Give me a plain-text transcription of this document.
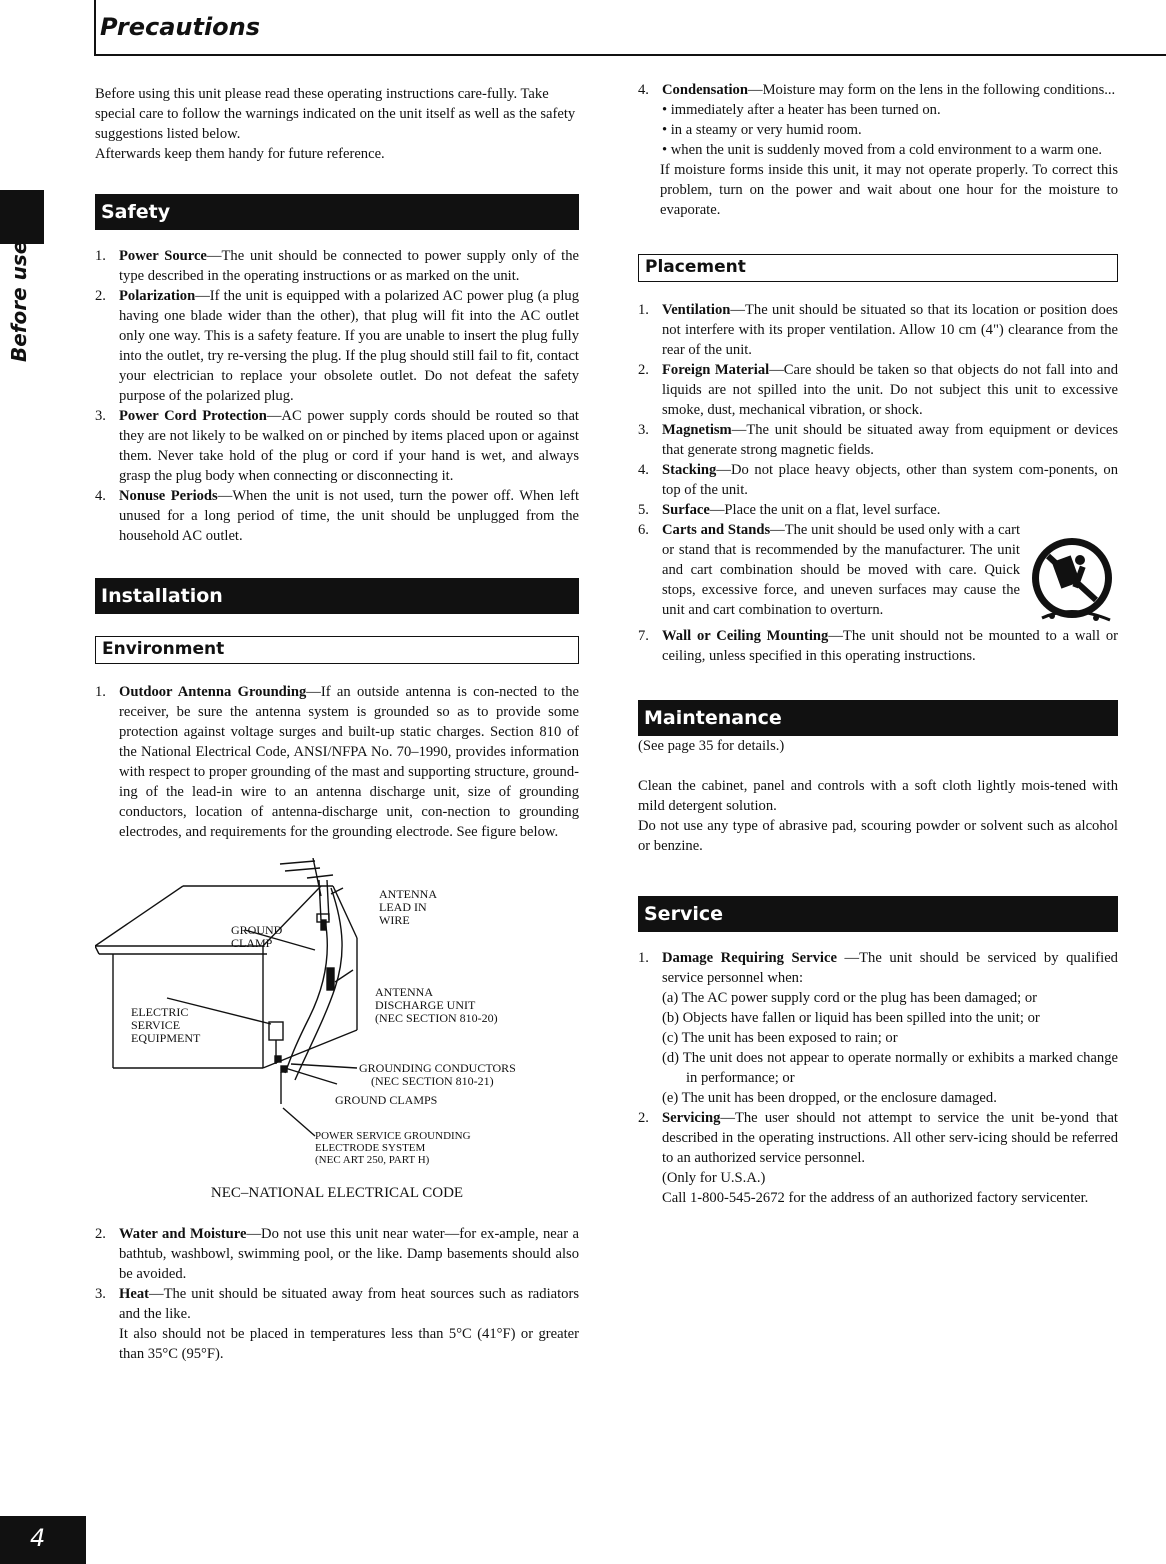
Precautions
Before use
4

Before using this unit please read these operating instructions care-fully. Take special care to follow the warnings indicated on the unit itself as well as the safety suggestions listed below.

Afterwards keep them handy for future reference.

Safety
1. Power Source—The unit should be connected to power supply only of the type described in the operating instructions or as marked on the unit.
2. Polarization—If the unit is equipped with a polarized AC power plug (a plug having one blade wider than the other), that plug will fit into the AC outlet only one way. This is a safety feature. If you are unable to insert the plug fully into the outlet, try re-versing the plug. If the plug should still fail to fit, contact your electrician to replace your obsolete outlet. Do not defeat the safety purpose of the polarized plug.
3. Power Cord Protection—AC power supply cords should be routed so that they are not likely to be walked on or pinched by items placed upon or against them. Never take hold of the plug or cord if your hand is wet, and always grasp the plug body when connecting or disconnecting it.
4. Nonuse Periods—When the unit is not used, turn the power off. When left unused for a long period of time, the unit should be unplugged from the household AC outlet.
Installation
Environment
1. Outdoor Antenna Grounding—If an outside antenna is con-nected to the receiver, be sure the antenna system is grounded so as to provide some protection against voltage surges and built-up static charges. Section 810 of the National Electrical Code, ANSI/NFPA No. 70–1990, provides information with respect to proper grounding of the mast and supporting structure, ground-ing of the lead-in wire to an antenna discharge unit, size of grounding conductors, location of antenna-discharge unit, con-nection to grounding electrodes, and requirements for the grounding electrode. See figure below.
ANTENNA
LEAD IN
WIRE
GROUND
CLAMP
ANTENNA
DISCHARGE UNIT
(NEC SECTION 810-20)
ELECTRIC
SERVICE
EQUIPMENT
GROUNDING CONDUCTORS
(NEC SECTION 810-21)
GROUND CLAMPS
POWER SERVICE GROUNDING
ELECTRODE SYSTEM
(NEC ART 250, PART H)
NEC–NATIONAL ELECTRICAL CODE
2. Water and Moisture—Do not use this unit near water—for ex-ample, near a bathtub, washbowl, swimming pool, or the like. Damp basements should also be avoided.
3. Heat—The unit should be situated away from heat sources such as radiators and the like.
It also should not be placed in temperatures less than 5°C (41°F) or greater than 35°C (95°F).
4. Condensation—Moisture may form on the lens in the following conditions...
• immediately after a heater has been turned on.
• in a steamy or very humid room.
• when the unit is suddenly moved from a cold environment to a warm one.

If moisture forms inside this unit, it may not operate properly. To correct this problem, turn on the power and wait about one hour for the moisture to evaporate.

Placement
1. Ventilation—The unit should be situated so that its location or position does not interfere with its proper ventilation. Allow 10 cm (4") clearance from the rear of the unit.
2. Foreign Material—Care should be taken so that objects do not fall into and liquids are not spilled into the unit. Do not subject this unit to excessive smoke, dust, mechanical vibration, or shock.
3. Magnetism—The unit should be situated away from equipment or devices that generate strong magnetic fields.
4. Stacking—Do not place heavy objects, other than system com-ponents, on top of the unit.
5. Surface—Place the unit on a flat, level surface.
6. Carts and Stands—The unit should be used only with a cart or stand that is recommended by the manufacturer. The unit and cart combination should be moved with care. Quick stops, excessive force, and uneven surfaces may cause the unit and cart combination to overturn.
7. Wall or Ceiling Mounting—The unit should not be mounted to a wall or ceiling, unless specified in this operating instructions.
Maintenance

(See page 35 for details.)

Clean the cabinet, panel and controls with a soft cloth lightly mois-tened with mild detergent solution.

Do not use any type of abrasive pad, scouring powder or solvent such as alcohol or benzine.

Service
1. Damage Requiring Service —The unit should be serviced by qualified service personnel when:
(a) The AC power supply cord or the plug has been damaged; or
(b) Objects have fallen or liquid has been spilled into the unit; or
(c) The unit has been exposed to rain; or
(d) The unit does not appear to operate normally or exhibits a marked change in performance; or
(e) The unit has been dropped, or the enclosure damaged.
2. Servicing—The user should not attempt to service the unit be-yond that described in the operating instructions. All other serv-icing should be referred to an authorized service personnel.
(Only for U.S.A.)
Call 1-800-545-2672 for the address of an authorized factory servicenter.
